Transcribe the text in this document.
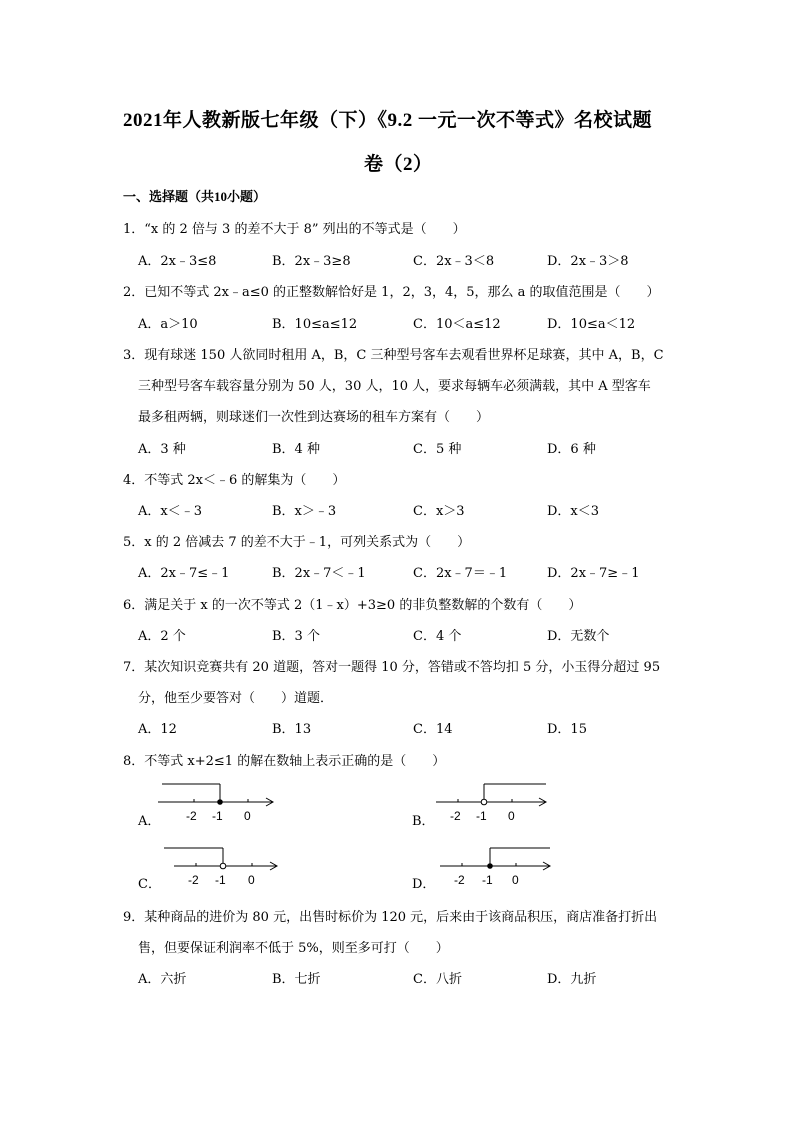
2021年人教新版七年级（下）《9.2 一元一次不等式》名校试题
卷（2）
一、选择题（共10小题）
1．“x 的 2 倍与 3 的差不大于 8” 列出的不等式是（　　）
A．2x﹣3≤8	B．2x﹣3≥8	C．2x﹣3＜8	D．2x﹣3＞8
2．已知不等式 2x﹣a≤0 的正整数解恰好是 1，2，3，4，5，那么 a 的取值范围是（　　）
A．a＞10	B．10≤a≤12	C．10＜a≤12	D．10≤a＜12
3．现有球迷 150 人欲同时租用 A，B，C 三种型号客车去观看世界杯足球赛，其中 A，B，C
三种型号客车载容量分别为 50 人，30 人，10 人，要求每辆车必须满载，其中 A 型客车
最多租两辆，则球迷们一次性到达赛场的租车方案有（　　）
A．3 种	B．4 种	C．5 种	D．6 种
4．不等式 2x＜﹣6 的解集为（　　）
A．x＜﹣3	B．x＞﹣3	C．x＞3	D．x＜3
5．x 的 2 倍减去 7 的差不大于﹣1，可列关系式为（　　）
A．2x﹣7≤﹣1	B．2x﹣7＜﹣1	C．2x﹣7＝﹣1	D．2x﹣7≥﹣1
6．满足关于 x 的一次不等式 2（1﹣x）+3≥0 的非负整数解的个数有（　　）
A．2 个	B．3 个	C．4 个	D．无数个
7．某次知识竞赛共有 20 道题，答对一题得 10 分，答错或不答均扣 5 分，小玉得分超过 95
分，他至少要答对（　　）道题．
A．12	B．13	C．14	D．15
8．不等式 x+2≤1 的解在数轴上表示正确的是（　　）
A． -2 -1 0	B． -2 -1 0
C． -2 -1 0	D． -2 -1 0
9．某种商品的进价为 80 元，出售时标价为 120 元，后来由于该商品积压，商店准备打折出
售，但要保证利润率不低于 5%，则至多可打（　　）
A．六折	B．七折	C．八折	D．九折
